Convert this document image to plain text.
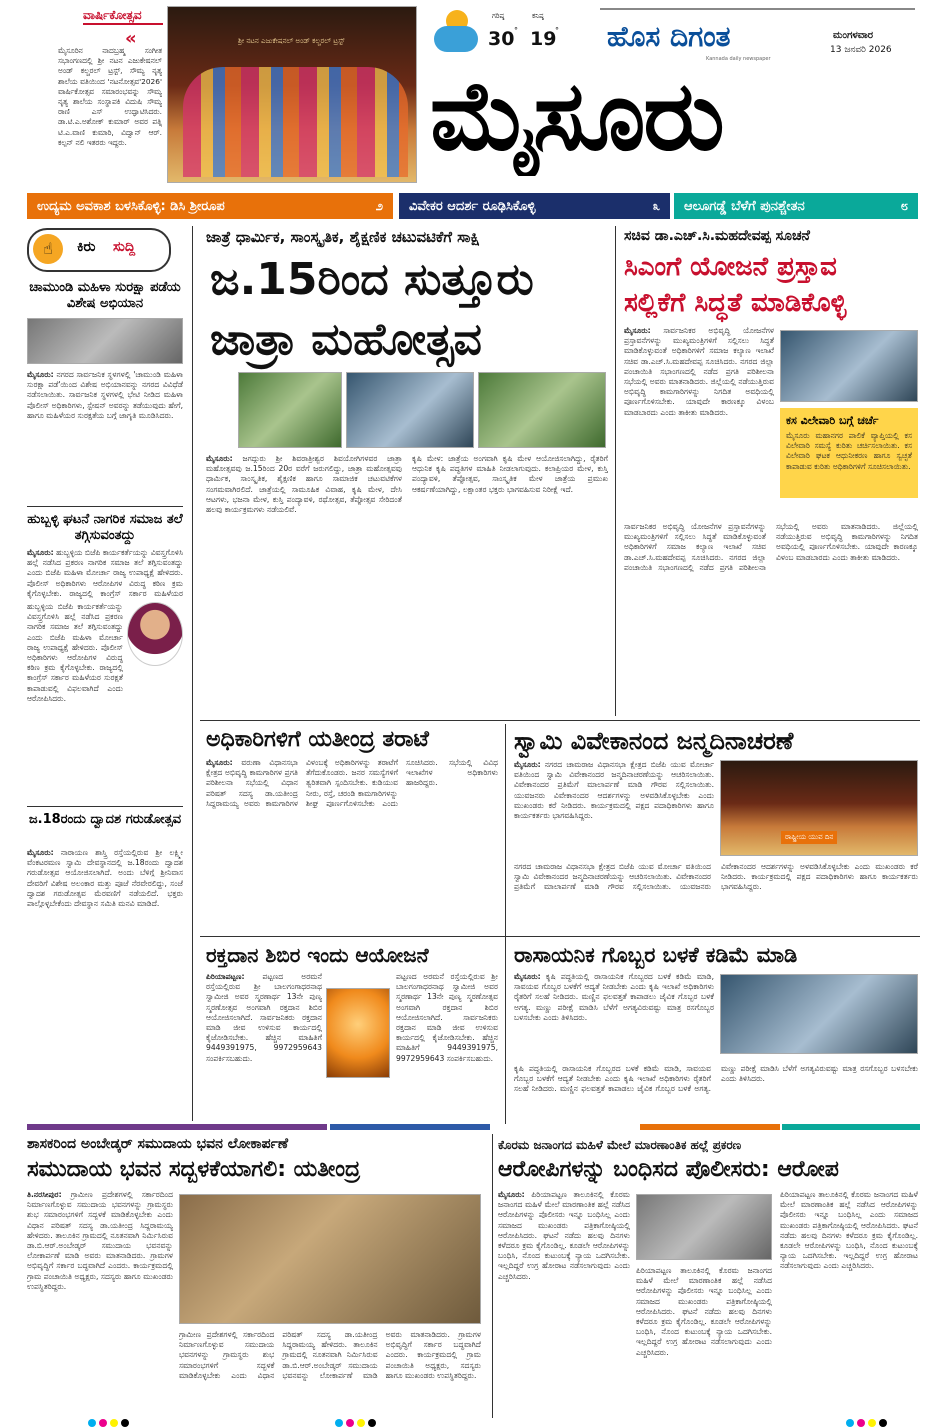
ವಾರ್ಷಿಕೋತ್ಸವ
«
ಮೈಸೂರಿನ ನಾದಬ್ರಹ್ಮ ಸಂಗೀತ ಸಭಾಂಗಣದಲ್ಲಿ ಶ್ರೀ ನಟನ ಎಜುಕೇಷನಲ್ ಅಂಡ್ ಕಲ್ಚರಲ್ ಟ್ರಸ್ಟ್, ಸೌಮ್ಯ ನೃತ್ಯ ಶಾಲೆಯ ವತಿಯಿಂದ 'ನಟನೋತ್ಸವ'2026' ವಾರ್ಷಿಕೋತ್ಸವ ಸಮಾರಂಭವನ್ನು ಸೌಮ್ಯ ನೃತ್ಯ ಶಾಲೆಯ ಸಂಸ್ಥಾಪಕಿ ವಿದುಷಿ ಸೌಮ್ಯ ರಾಣಿ ಎಸ್ ಉದ್ಘಾಟಿಸಿದರು. ಡಾ.ಟಿ.ಎ.ಅಶೋಕ್ ಕುಮಾರ್ ಅವರ ಪತ್ನಿ ಟಿ.ಎ.ವಾಣಿ ಕುಮಾರಿ, ವಿದ್ವಾನ್ ಆರ್. ಕಲ್ಪನ್ ನಲಿ ಇತರರು ಇದ್ದರು.
ಶ್ರೀ ನಟನ ಎಜುಕೇಷನಲ್ ಅಂಡ್ ಕಲ್ಚರಲ್ ಟ್ರಸ್ಟ್
ಗರಿಷ್ಠ
30 °
ಕನಿಷ್ಠ
19
° ಹೊಸ ದಿಗಂತ
Kannada daily newspaper
ಮಂಗಳವಾರ
13 ಜನವರಿ 2026
ಮೈಸೂರು
ಉದ್ಯಮ ಅವಕಾಶ ಬಳಸಿಕೊಳ್ಳಿ: ಡಿಸಿ ಶ್ರೀರೂಪ	೨ ವಿವೇಕರ ಆದರ್ಶ ರೂಢಿಸಿಕೊಳ್ಳಿ	೩ ಆಲೂಗಡ್ಡೆ ಬೆಳೆಗೆ ಪುನಶ್ಚೇತನ	೮
☝	ಕಿರು ಸುದ್ದಿ
ಚಾಮುಂಡಿ ಮಹಿಳಾ ಸುರಕ್ಷಾ ಪಡೆಯ ವಿಶೇಷ ಅಭಿಯಾನ
ಮೈಸೂರು: ನಗರದ ಸಾರ್ವಜನಿಕ ಸ್ಥಳಗಳಲ್ಲಿ 'ಚಾಮುಂಡಿ ಮಹಿಳಾ ಸುರಕ್ಷಾ ಪಡೆ'ಯಿಂದ ವಿಶೇಷ ಅಭಿಯಾನವನ್ನು ನಗರದ ವಿವಿಧೆಡೆ ನಡೆಸಲಾಯಿತು. ಸಾರ್ವಜನಿಕ ಸ್ಥಳಗಳಲ್ಲಿ ಭೇಟಿ ನೀಡಿದ ಮಹಿಳಾ ಪೊಲೀಸ್ ಅಧಿಕಾರಿಗಳು, ಸ್ಟೇಷನ್ ಅವರನ್ನು ತಡೆಯುವುದು ಹೇಗೆ, ಹಾಗೂ ಮಹಿಳೆಯರ ಸುರಕ್ಷತೆಯ ಬಗ್ಗೆ ಜಾಗೃತಿ ಮೂಡಿಸಿದರು.
ಹುಬ್ಬಳ್ಳಿ ಘಟನೆ ನಾಗರಿಕ ಸಮಾಜ ತಲೆ ತಗ್ಗಿಸುವಂತದ್ದು
ಮೈಸೂರು: ಹುಬ್ಬಳ್ಳಿಯ ಬಿಜೆಪಿ ಕಾರ್ಯಕರ್ತೆಯನ್ನು ವಿವಸ್ತ್ರಗೊಳಿಸಿ ಹಲ್ಲೆ ನಡೆಸಿದ ಪ್ರಕರಣ ನಾಗರಿಕ ಸಮಾಜ ತಲೆ ತಗ್ಗಿಸುವಂತದ್ದು ಎಂದು ಬಿಜೆಪಿ ಮಹಿಳಾ ಮೋರ್ಚಾ ರಾಜ್ಯ ಉಪಾಧ್ಯಕ್ಷೆ ಹೇಳಿದರು. ಪೊಲೀಸ್ ಅಧಿಕಾರಿಗಳು ಆರೋಪಿಗಳ ವಿರುದ್ಧ ಕಠಿಣ ಕ್ರಮ ಕೈಗೊಳ್ಳಬೇಕು. ರಾಜ್ಯದಲ್ಲಿ ಕಾಂಗ್ರೆಸ್ ಸರ್ಕಾರ ಮಹಿಳೆಯರ
ಹುಬ್ಬಳ್ಳಿಯ ಬಿಜೆಪಿ ಕಾರ್ಯಕರ್ತೆಯನ್ನು ವಿವಸ್ತ್ರಗೊಳಿಸಿ ಹಲ್ಲೆ ನಡೆಸಿದ ಪ್ರಕರಣ ನಾಗರಿಕ ಸಮಾಜ ತಲೆ ತಗ್ಗಿಸುವಂತದ್ದು ಎಂದು ಬಿಜೆಪಿ ಮಹಿಳಾ ಮೋರ್ಚಾ ರಾಜ್ಯ ಉಪಾಧ್ಯಕ್ಷೆ ಹೇಳಿದರು. ಪೊಲೀಸ್ ಅಧಿಕಾರಿಗಳು ಆರೋಪಿಗಳ ವಿರುದ್ಧ ಕಠಿಣ ಕ್ರಮ ಕೈಗೊಳ್ಳಬೇಕು. ರಾಜ್ಯದಲ್ಲಿ ಕಾಂಗ್ರೆಸ್ ಸರ್ಕಾರ ಮಹಿಳೆಯರ ಸುರಕ್ಷತೆ ಕಾಪಾಡುವಲ್ಲಿ ವಿಫಲವಾಗಿದೆ ಎಂದು ಆರೋಪಿಸಿದರು.
ಜ.18ರಂದು ದ್ವಾದಶ ಗರುಡೋತ್ಸವ
ಮೈಸೂರು: ನಾರಾಯಣ ಶಾಸ್ತ್ರಿ ರಸ್ತೆಯಲ್ಲಿರುವ ಶ್ರೀ ಲಕ್ಷ್ಮೀ ವೆಂಕಟರಮಣ ಸ್ವಾಮಿ ದೇವಸ್ಥಾನದಲ್ಲಿ ಜ.18ರಂದು ದ್ವಾದಶ ಗರುಡೋತ್ಸವ ಆಯೋಜಿಸಲಾಗಿದೆ. ಅಂದು ಬೆಳಿಗ್ಗೆ ಶ್ರೀನಿವಾಸ ದೇವರಿಗೆ ವಿಶೇಷ ಅಲಂಕಾರ ಮತ್ತು ಪೂಜೆ ನೆರವೇರಲಿದ್ದು, ಸಂಜೆ ದ್ವಾದಶ ಗರುಡೋತ್ಸವ ಮೆರವಣಿಗೆ ನಡೆಯಲಿದೆ. ಭಕ್ತರು ಪಾಲ್ಗೊಳ್ಳಬೇಕೆಂದು ದೇವಸ್ಥಾನ ಸಮಿತಿ ಮನವಿ ಮಾಡಿದೆ.
ಜಾತ್ರೆ ಧಾರ್ಮಿಕ, ಸಾಂಸ್ಕೃತಿಕ, ಶೈಕ್ಷಣಿಕ ಚಟುವಟಿಕೆಗೆ ಸಾಕ್ಷಿ
ಜ.15ರಿಂದ ಸುತ್ತೂರು
ಜಾತ್ರಾ ಮಹೋತ್ಸವ
ಮೈಸೂರು: ಜಗದ್ಗುರು ಶ್ರೀ ಶಿವರಾತ್ರೀಶ್ವರ ಶಿವಯೋಗಿಗಳವರ ಜಾತ್ರಾ ಮಹೋತ್ಸವವು ಜ.15ರಿಂದ 20ರ ವರೆಗೆ ಜರುಗಲಿದ್ದು, ಜಾತ್ರಾ ಮಹೋತ್ಸವವು ಧಾರ್ಮಿಕ, ಸಾಂಸ್ಕೃತಿಕ, ಶೈಕ್ಷಣಿಕ ಹಾಗೂ ಸಾಮಾಜಿಕ ಚಟುವಟಿಕೆಗಳ ಸಂಗಮವಾಗಿರಲಿದೆ. ಜಾತ್ರೆಯಲ್ಲಿ ಸಾಮೂಹಿಕ ವಿವಾಹ, ಕೃಷಿ ಮೇಳ, ದೇಸಿ ಆಟಗಳು, ಭಜನಾ ಮೇಳ, ಕುಸ್ತಿ ಪಂದ್ಯಾವಳಿ, ರಥೋತ್ಸವ, ತೆಪ್ಪೋತ್ಸವ ಸೇರಿದಂತೆ ಹಲವು ಕಾರ್ಯಕ್ರಮಗಳು ನಡೆಯಲಿವೆ.
ಕೃಷಿ ಮೇಳ: ಜಾತ್ರೆಯ ಅಂಗವಾಗಿ ಕೃಷಿ ಮೇಳ ಆಯೋಜಿಸಲಾಗಿದ್ದು, ರೈತರಿಗೆ ಆಧುನಿಕ ಕೃಷಿ ಪದ್ಧತಿಗಳ ಮಾಹಿತಿ ನೀಡಲಾಗುವುದು. ಕಲಾಪ್ರಿಯರ ಮೇಳ, ಕುಸ್ತಿ ಪಂದ್ಯಾವಳಿ, ತೆಪ್ಪೋತ್ಸವ, ಸಾಂಸ್ಕೃತಿಕ ಮೇಳ ಜಾತ್ರೆಯ ಪ್ರಮುಖ ಆಕರ್ಷಣೆಯಾಗಿದ್ದು, ಲಕ್ಷಾಂತರ ಭಕ್ತರು ಭಾಗವಹಿಸುವ ನಿರೀಕ್ಷೆ ಇದೆ.
ಸಚಿವ ಡಾ.ಎಚ್.ಸಿ.ಮಹದೇವಪ್ಪ ಸೂಚನೆ
ಸಿಎಂಗೆ ಯೋಜನೆ ಪ್ರಸ್ತಾವ
ಸಲ್ಲಿಕೆಗೆ ಸಿದ್ಧತೆ ಮಾಡಿಕೊಳ್ಳಿ
ಮೈಸೂರು: ಸಾರ್ವಜನಿಕರ ಅಭಿವೃದ್ಧಿ ಯೋಜನೆಗಳ ಪ್ರಸ್ತಾವನೆಗಳನ್ನು ಮುಖ್ಯಮಂತ್ರಿಗಳಿಗೆ ಸಲ್ಲಿಸಲು ಸಿದ್ಧತೆ ಮಾಡಿಕೊಳ್ಳುವಂತೆ ಅಧಿಕಾರಿಗಳಿಗೆ ಸಮಾಜ ಕಲ್ಯಾಣ ಇಲಾಖೆ ಸಚಿವ ಡಾ.ಎಚ್.ಸಿ.ಮಹದೇವಪ್ಪ ಸೂಚಿಸಿದರು. ನಗರದ ಜಿಲ್ಲಾ ಪಂಚಾಯಿತಿ ಸಭಾಂಗಣದಲ್ಲಿ ನಡೆದ ಪ್ರಗತಿ ಪರಿಶೀಲನಾ ಸಭೆಯಲ್ಲಿ ಅವರು ಮಾತನಾಡಿದರು. ಜಿಲ್ಲೆಯಲ್ಲಿ ನಡೆಯುತ್ತಿರುವ ಅಭಿವೃದ್ಧಿ ಕಾಮಗಾರಿಗಳನ್ನು ನಿಗದಿತ ಅವಧಿಯಲ್ಲಿ ಪೂರ್ಣಗೊಳಿಸಬೇಕು. ಯಾವುದೇ ಕಾರಣಕ್ಕೂ ವಿಳಂಬ ಮಾಡಬಾರದು ಎಂದು ತಾಕೀತು ಮಾಡಿದರು.
ಕಸ ವಿಲೇವಾರಿ ಬಗ್ಗೆ ಚರ್ಚೆ
ಮೈಸೂರು ಮಹಾನಗರ ಪಾಲಿಕೆ ವ್ಯಾಪ್ತಿಯಲ್ಲಿ ಕಸ ವಿಲೇವಾರಿ ಸಮಸ್ಯೆ ಕುರಿತು ಚರ್ಚಿಸಲಾಯಿತು. ಕಸ ವಿಲೇವಾರಿ ಘಟಕ ಆಧುನೀಕರಣ ಹಾಗೂ ಸ್ವಚ್ಛತೆ ಕಾಪಾಡುವ ಕುರಿತು ಅಧಿಕಾರಿಗಳಿಗೆ ಸೂಚಿಸಲಾಯಿತು.
ಸಾರ್ವಜನಿಕರ ಅಭಿವೃದ್ಧಿ ಯೋಜನೆಗಳ ಪ್ರಸ್ತಾವನೆಗಳನ್ನು ಮುಖ್ಯಮಂತ್ರಿಗಳಿಗೆ ಸಲ್ಲಿಸಲು ಸಿದ್ಧತೆ ಮಾಡಿಕೊಳ್ಳುವಂತೆ ಅಧಿಕಾರಿಗಳಿಗೆ ಸಮಾಜ ಕಲ್ಯಾಣ ಇಲಾಖೆ ಸಚಿವ ಡಾ.ಎಚ್.ಸಿ.ಮಹದೇವಪ್ಪ ಸೂಚಿಸಿದರು. ನಗರದ ಜಿಲ್ಲಾ ಪಂಚಾಯಿತಿ ಸಭಾಂಗಣದಲ್ಲಿ ನಡೆದ ಪ್ರಗತಿ ಪರಿಶೀಲನಾ ಸಭೆಯಲ್ಲಿ ಅವರು ಮಾತನಾಡಿದರು. ಜಿಲ್ಲೆಯಲ್ಲಿ ನಡೆಯುತ್ತಿರುವ ಅಭಿವೃದ್ಧಿ ಕಾಮಗಾರಿಗಳನ್ನು ನಿಗದಿತ ಅವಧಿಯಲ್ಲಿ ಪೂರ್ಣಗೊಳಿಸಬೇಕು. ಯಾವುದೇ ಕಾರಣಕ್ಕೂ ವಿಳಂಬ ಮಾಡಬಾರದು ಎಂದು ತಾಕೀತು ಮಾಡಿದರು.
ಅಧಿಕಾರಿಗಳಿಗೆ ಯತೀಂದ್ರ ತರಾಟೆ
ಮೈಸೂರು: ವರುಣಾ ವಿಧಾನಸಭಾ ಕ್ಷೇತ್ರದ ಅಭಿವೃದ್ಧಿ ಕಾಮಗಾರಿಗಳ ಪ್ರಗತಿ ಪರಿಶೀಲನಾ ಸಭೆಯಲ್ಲಿ ವಿಧಾನ ಪರಿಷತ್ ಸದಸ್ಯ ಡಾ.ಯತೀಂದ್ರ ಸಿದ್ದರಾಮಯ್ಯ ಅವರು ಕಾಮಗಾರಿಗಳ ವಿಳಂಬಕ್ಕೆ ಅಧಿಕಾರಿಗಳನ್ನು ತರಾಟೆಗೆ ತೆಗೆದುಕೊಂಡರು. ಜನರ ಸಮಸ್ಯೆಗಳಿಗೆ ತ್ವರಿತವಾಗಿ ಸ್ಪಂದಿಸಬೇಕು. ಕುಡಿಯುವ ನೀರು, ರಸ್ತೆ, ಚರಂಡಿ ಕಾಮಗಾರಿಗಳನ್ನು ಶೀಘ್ರ ಪೂರ್ಣಗೊಳಿಸಬೇಕು ಎಂದು ಸೂಚಿಸಿದರು. ಸಭೆಯಲ್ಲಿ ವಿವಿಧ ಇಲಾಖೆಗಳ ಅಧಿಕಾರಿಗಳು ಹಾಜರಿದ್ದರು.
ಸ್ವಾಮಿ ವಿವೇಕಾನಂದ ಜನ್ಮದಿನಾಚರಣೆ
ಮೈಸೂರು: ನಗರದ ಚಾಮರಾಜ ವಿಧಾನಸಭಾ ಕ್ಷೇತ್ರದ ಬಿಜೆಪಿ ಯುವ ಮೋರ್ಚಾ ವತಿಯಿಂದ ಸ್ವಾಮಿ ವಿವೇಕಾನಂದರ ಜನ್ಮದಿನಾಚರಣೆಯನ್ನು ಆಚರಿಸಲಾಯಿತು. ವಿವೇಕಾನಂದರ ಪ್ರತಿಮೆಗೆ ಮಾಲಾರ್ಪಣೆ ಮಾಡಿ ಗೌರವ ಸಲ್ಲಿಸಲಾಯಿತು. ಯುವಜನರು ವಿವೇಕಾನಂದರ ಆದರ್ಶಗಳನ್ನು ಅಳವಡಿಸಿಕೊಳ್ಳಬೇಕು ಎಂದು ಮುಖಂಡರು ಕರೆ ನೀಡಿದರು. ಕಾರ್ಯಕ್ರಮದಲ್ಲಿ ಪಕ್ಷದ ಪದಾಧಿಕಾರಿಗಳು ಹಾಗೂ ಕಾರ್ಯಕರ್ತರು ಭಾಗವಹಿಸಿದ್ದರು.
ರಾಷ್ಟ್ರೀಯ ಯುವ ದಿನ
ನಗರದ ಚಾಮರಾಜ ವಿಧಾನಸಭಾ ಕ್ಷೇತ್ರದ ಬಿಜೆಪಿ ಯುವ ಮೋರ್ಚಾ ವತಿಯಿಂದ ಸ್ವಾಮಿ ವಿವೇಕಾನಂದರ ಜನ್ಮದಿನಾಚರಣೆಯನ್ನು ಆಚರಿಸಲಾಯಿತು. ವಿವೇಕಾನಂದರ ಪ್ರತಿಮೆಗೆ ಮಾಲಾರ್ಪಣೆ ಮಾಡಿ ಗೌರವ ಸಲ್ಲಿಸಲಾಯಿತು. ಯುವಜನರು ವಿವೇಕಾನಂದರ ಆದರ್ಶಗಳನ್ನು ಅಳವಡಿಸಿಕೊಳ್ಳಬೇಕು ಎಂದು ಮುಖಂಡರು ಕರೆ ನೀಡಿದರು. ಕಾರ್ಯಕ್ರಮದಲ್ಲಿ ಪಕ್ಷದ ಪದಾಧಿಕಾರಿಗಳು ಹಾಗೂ ಕಾರ್ಯಕರ್ತರು ಭಾಗವಹಿಸಿದ್ದರು.
ರಕ್ತದಾನ ಶಿಬಿರ ಇಂದು ಆಯೋಜನೆ
ಪಿರಿಯಾಪಟ್ಟಣ: ಪಟ್ಟಣದ ಅರಮನೆ ರಸ್ತೆಯಲ್ಲಿರುವ ಶ್ರೀ ಬಾಲಗಂಗಾಧರನಾಥ ಸ್ವಾಮೀಜಿ ಅವರ ಸ್ಮರಣಾರ್ಥ 13ನೇ ಪುಣ್ಯ ಸ್ಮರಣೋತ್ಸವ ಅಂಗವಾಗಿ ರಕ್ತದಾನ ಶಿಬಿರ ಆಯೋಜಿಸಲಾಗಿದೆ. ಸಾರ್ವಜನಿಕರು ರಕ್ತದಾನ ಮಾಡಿ ಜೀವ ಉಳಿಸುವ ಕಾರ್ಯದಲ್ಲಿ ಕೈಜೋಡಿಸಬೇಕು. ಹೆಚ್ಚಿನ ಮಾಹಿತಿಗೆ 9449391975, 9972959643 ಸಂಪರ್ಕಿಸಬಹುದು.
ಪಟ್ಟಣದ ಅರಮನೆ ರಸ್ತೆಯಲ್ಲಿರುವ ಶ್ರೀ ಬಾಲಗಂಗಾಧರನಾಥ ಸ್ವಾಮೀಜಿ ಅವರ ಸ್ಮರಣಾರ್ಥ 13ನೇ ಪುಣ್ಯ ಸ್ಮರಣೋತ್ಸವ ಅಂಗವಾಗಿ ರಕ್ತದಾನ ಶಿಬಿರ ಆಯೋಜಿಸಲಾಗಿದೆ. ಸಾರ್ವಜನಿಕರು ರಕ್ತದಾನ ಮಾಡಿ ಜೀವ ಉಳಿಸುವ ಕಾರ್ಯದಲ್ಲಿ ಕೈಜೋಡಿಸಬೇಕು. ಹೆಚ್ಚಿನ ಮಾಹಿತಿಗೆ 9449391975, 9972959643 ಸಂಪರ್ಕಿಸಬಹುದು.
ರಾಸಾಯನಿಕ ಗೊಬ್ಬರ ಬಳಕೆ ಕಡಿಮೆ ಮಾಡಿ
ಮೈಸೂರು: ಕೃಷಿ ಪದ್ಧತಿಯಲ್ಲಿ ರಾಸಾಯನಿಕ ಗೊಬ್ಬರದ ಬಳಕೆ ಕಡಿಮೆ ಮಾಡಿ, ಸಾವಯವ ಗೊಬ್ಬರ ಬಳಕೆಗೆ ಆದ್ಯತೆ ನೀಡಬೇಕು ಎಂದು ಕೃಷಿ ಇಲಾಖೆ ಅಧಿಕಾರಿಗಳು ರೈತರಿಗೆ ಸಲಹೆ ನೀಡಿದರು. ಮಣ್ಣಿನ ಫಲವತ್ತತೆ ಕಾಪಾಡಲು ಜೈವಿಕ ಗೊಬ್ಬರ ಬಳಕೆ ಅಗತ್ಯ. ಮಣ್ಣು ಪರೀಕ್ಷೆ ಮಾಡಿಸಿ ಬೆಳೆಗೆ ಅಗತ್ಯವಿರುವಷ್ಟು ಮಾತ್ರ ರಸಗೊಬ್ಬರ ಬಳಸಬೇಕು ಎಂದು ತಿಳಿಸಿದರು.
ಕೃಷಿ ಪದ್ಧತಿಯಲ್ಲಿ ರಾಸಾಯನಿಕ ಗೊಬ್ಬರದ ಬಳಕೆ ಕಡಿಮೆ ಮಾಡಿ, ಸಾವಯವ ಗೊಬ್ಬರ ಬಳಕೆಗೆ ಆದ್ಯತೆ ನೀಡಬೇಕು ಎಂದು ಕೃಷಿ ಇಲಾಖೆ ಅಧಿಕಾರಿಗಳು ರೈತರಿಗೆ ಸಲಹೆ ನೀಡಿದರು. ಮಣ್ಣಿನ ಫಲವತ್ತತೆ ಕಾಪಾಡಲು ಜೈವಿಕ ಗೊಬ್ಬರ ಬಳಕೆ ಅಗತ್ಯ. ಮಣ್ಣು ಪರೀಕ್ಷೆ ಮಾಡಿಸಿ ಬೆಳೆಗೆ ಅಗತ್ಯವಿರುವಷ್ಟು ಮಾತ್ರ ರಸಗೊಬ್ಬರ ಬಳಸಬೇಕು ಎಂದು ತಿಳಿಸಿದರು.
ಶಾಸಕರಿಂದ ಅಂಬೇಡ್ಕರ್ ಸಮುದಾಯ ಭವನ ಲೋಕಾರ್ಪಣೆ
ಸಮುದಾಯ ಭವನ ಸದ್ಬಳಕೆಯಾಗಲಿ: ಯತೀಂದ್ರ
ತಿ.ನರಸೀಪುರ: ಗ್ರಾಮೀಣ ಪ್ರದೇಶಗಳಲ್ಲಿ ಸರ್ಕಾರದಿಂದ ನಿರ್ಮಾಣಗೊಳ್ಳುವ ಸಮುದಾಯ ಭವನಗಳನ್ನು ಗ್ರಾಮಸ್ಥರು ಶುಭ ಸಮಾರಂಭಗಳಿಗೆ ಸದ್ಬಳಕೆ ಮಾಡಿಕೊಳ್ಳಬೇಕು ಎಂದು ವಿಧಾನ ಪರಿಷತ್ ಸದಸ್ಯ ಡಾ.ಯತೀಂದ್ರ ಸಿದ್ದರಾಮಯ್ಯ ಹೇಳಿದರು. ತಾಲೂಕಿನ ಗ್ರಾಮದಲ್ಲಿ ನೂತನವಾಗಿ ನಿರ್ಮಿಸಿರುವ ಡಾ.ಬಿ.ಆರ್.ಅಂಬೇಡ್ಕರ್ ಸಮುದಾಯ ಭವನವನ್ನು ಲೋಕಾರ್ಪಣೆ ಮಾಡಿ ಅವರು ಮಾತನಾಡಿದರು. ಗ್ರಾಮಗಳ ಅಭಿವೃದ್ಧಿಗೆ ಸರ್ಕಾರ ಬದ್ಧವಾಗಿದೆ ಎಂದರು. ಕಾರ್ಯಕ್ರಮದಲ್ಲಿ ಗ್ರಾಮ ಪಂಚಾಯಿತಿ ಅಧ್ಯಕ್ಷರು, ಸದಸ್ಯರು ಹಾಗೂ ಮುಖಂಡರು ಉಪಸ್ಥಿತರಿದ್ದರು.
ಗ್ರಾಮೀಣ ಪ್ರದೇಶಗಳಲ್ಲಿ ಸರ್ಕಾರದಿಂದ ನಿರ್ಮಾಣಗೊಳ್ಳುವ ಸಮುದಾಯ ಭವನಗಳನ್ನು ಗ್ರಾಮಸ್ಥರು ಶುಭ ಸಮಾರಂಭಗಳಿಗೆ ಸದ್ಬಳಕೆ ಮಾಡಿಕೊಳ್ಳಬೇಕು ಎಂದು ವಿಧಾನ ಪರಿಷತ್ ಸದಸ್ಯ ಡಾ.ಯತೀಂದ್ರ ಸಿದ್ದರಾಮಯ್ಯ ಹೇಳಿದರು. ತಾಲೂಕಿನ ಗ್ರಾಮದಲ್ಲಿ ನೂತನವಾಗಿ ನಿರ್ಮಿಸಿರುವ ಡಾ.ಬಿ.ಆರ್.ಅಂಬೇಡ್ಕರ್ ಸಮುದಾಯ ಭವನವನ್ನು ಲೋಕಾರ್ಪಣೆ ಮಾಡಿ ಅವರು ಮಾತನಾಡಿದರು. ಗ್ರಾಮಗಳ ಅಭಿವೃದ್ಧಿಗೆ ಸರ್ಕಾರ ಬದ್ಧವಾಗಿದೆ ಎಂದರು. ಕಾರ್ಯಕ್ರಮದಲ್ಲಿ ಗ್ರಾಮ ಪಂಚಾಯಿತಿ ಅಧ್ಯಕ್ಷರು, ಸದಸ್ಯರು ಹಾಗೂ ಮುಖಂಡರು ಉಪಸ್ಥಿತರಿದ್ದರು.
ಕೊರಮ ಜನಾಂಗದ ಮಹಿಳೆ ಮೇಲೆ ಮಾರಣಾಂತಿಕ ಹಲ್ಲೆ ಪ್ರಕರಣ
ಆರೋಪಿಗಳನ್ನು ಬಂಧಿಸದ ಪೊಲೀಸರು: ಆರೋಪ
ಮೈಸೂರು: ಪಿರಿಯಾಪಟ್ಟಣ ತಾಲೂಕಿನಲ್ಲಿ ಕೊರಮ ಜನಾಂಗದ ಮಹಿಳೆ ಮೇಲೆ ಮಾರಣಾಂತಿಕ ಹಲ್ಲೆ ನಡೆಸಿದ ಆರೋಪಿಗಳನ್ನು ಪೊಲೀಸರು ಇನ್ನೂ ಬಂಧಿಸಿಲ್ಲ ಎಂದು ಸಮಾಜದ ಮುಖಂಡರು ಪತ್ರಿಕಾಗೋಷ್ಠಿಯಲ್ಲಿ ಆರೋಪಿಸಿದರು. ಘಟನೆ ನಡೆದು ಹಲವು ದಿನಗಳು ಕಳೆದರೂ ಕ್ರಮ ಕೈಗೊಂಡಿಲ್ಲ. ಕೂಡಲೇ ಆರೋಪಿಗಳನ್ನು ಬಂಧಿಸಿ, ನೊಂದ ಕುಟುಂಬಕ್ಕೆ ನ್ಯಾಯ ಒದಗಿಸಬೇಕು. ಇಲ್ಲದಿದ್ದರೆ ಉಗ್ರ ಹೋರಾಟ ನಡೆಸಲಾಗುವುದು ಎಂದು ಎಚ್ಚರಿಸಿದರು.
ಪಿರಿಯಾಪಟ್ಟಣ ತಾಲೂಕಿನಲ್ಲಿ ಕೊರಮ ಜನಾಂಗದ ಮಹಿಳೆ ಮೇಲೆ ಮಾರಣಾಂತಿಕ ಹಲ್ಲೆ ನಡೆಸಿದ ಆರೋಪಿಗಳನ್ನು ಪೊಲೀಸರು ಇನ್ನೂ ಬಂಧಿಸಿಲ್ಲ ಎಂದು ಸಮಾಜದ ಮುಖಂಡರು ಪತ್ರಿಕಾಗೋಷ್ಠಿಯಲ್ಲಿ ಆರೋಪಿಸಿದರು. ಘಟನೆ ನಡೆದು ಹಲವು ದಿನಗಳು ಕಳೆದರೂ ಕ್ರಮ ಕೈಗೊಂಡಿಲ್ಲ. ಕೂಡಲೇ ಆರೋಪಿಗಳನ್ನು ಬಂಧಿಸಿ, ನೊಂದ ಕುಟುಂಬಕ್ಕೆ ನ್ಯಾಯ ಒದಗಿಸಬೇಕು. ಇಲ್ಲದಿದ್ದರೆ ಉಗ್ರ ಹೋರಾಟ ನಡೆಸಲಾಗುವುದು ಎಂದು ಎಚ್ಚರಿಸಿದರು.
ಪಿರಿಯಾಪಟ್ಟಣ ತಾಲೂಕಿನಲ್ಲಿ ಕೊರಮ ಜನಾಂಗದ ಮಹಿಳೆ ಮೇಲೆ ಮಾರಣಾಂತಿಕ ಹಲ್ಲೆ ನಡೆಸಿದ ಆರೋಪಿಗಳನ್ನು ಪೊಲೀಸರು ಇನ್ನೂ ಬಂಧಿಸಿಲ್ಲ ಎಂದು ಸಮಾಜದ ಮುಖಂಡರು ಪತ್ರಿಕಾಗೋಷ್ಠಿಯಲ್ಲಿ ಆರೋಪಿಸಿದರು. ಘಟನೆ ನಡೆದು ಹಲವು ದಿನಗಳು ಕಳೆದರೂ ಕ್ರಮ ಕೈಗೊಂಡಿಲ್ಲ. ಕೂಡಲೇ ಆರೋಪಿಗಳನ್ನು ಬಂಧಿಸಿ, ನೊಂದ ಕುಟುಂಬಕ್ಕೆ ನ್ಯಾಯ ಒದಗಿಸಬೇಕು. ಇಲ್ಲದಿದ್ದರೆ ಉಗ್ರ ಹೋರಾಟ ನಡೆಸಲಾಗುವುದು ಎಂದು ಎಚ್ಚರಿಸಿದರು.
